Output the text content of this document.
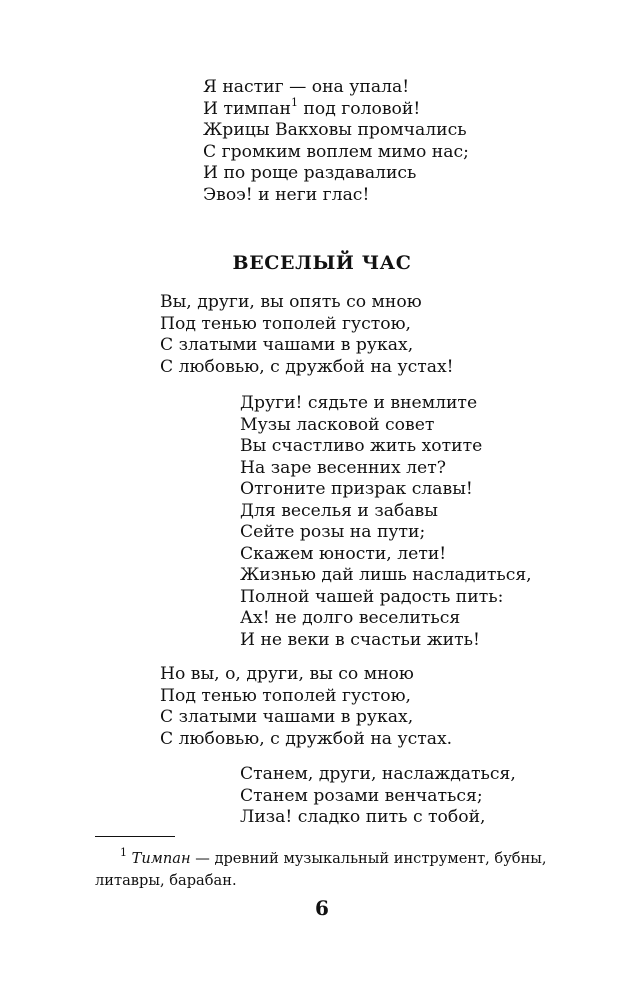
Я настиг — она упала!
И тимпан$^1$ под головой!
Жрицы Вакховы промчались
С громким воплем мимо нас;
И по роще раздавались
Эвоэ! и неги глас!
ВЕСЕЛЫЙ ЧАС
Вы, други, вы опять со мною
Под тенью тополей густою,
С златыми чашами в руках,
С любовью, с дружбой на устах!
Други! сядьте и внемлите
Музы ласковой совет
Вы счастливо жить хотите
На заре весенних лет?
Отгоните призрак славы!
Для веселья и забавы
Сейте розы на пути;
Скажем юности, лети!
Жизнью дай лишь насладиться,
Полной чашей радость пить:
Ах! не долго веселиться
И не веки в счастьи жить!
Но вы, о, други, вы со мною
Под тенью тополей густою,
С златыми чашами в руках,
С любовью, с дружбой на устах.
Станем, други, наслаждаться,
Станем розами венчаться;
Лиза! сладко пить с тобой,
$^1$ Тимпан — древний музыкальный инструмент, бубны,
литавры, барабан.
6
